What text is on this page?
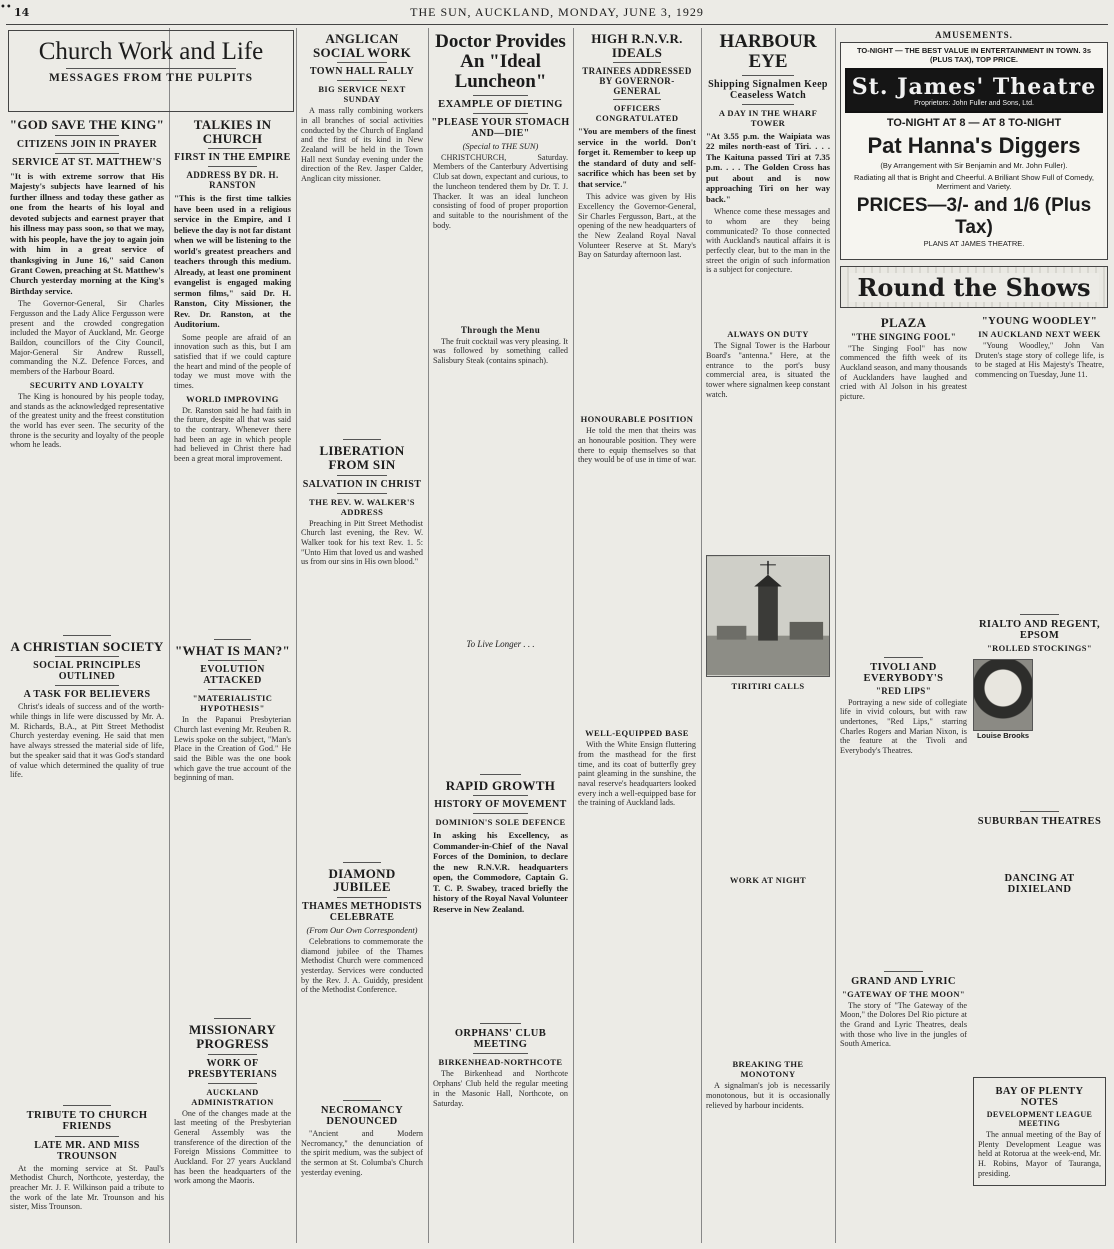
•• 14	THE SUN, AUCKLAND, MONDAY, JUNE 3, 1929
Church Work and Life
MESSAGES FROM THE PULPITS
"GOD SAVE THE KING"
CITIZENS JOIN IN PRAYER
SERVICE AT ST. MATTHEW'S
"It is with extreme sorrow that His Majesty's subjects have learned of his further illness and today these gather as one from the hearts of his loyal and devoted subjects and earnest prayer that his illness may pass soon, so that we may, with his people, have the joy to again join with him in a great service of thanksgiving in June 16," said Canon Grant Cowen, preaching at St. Matthew's Church yesterday morning at the King's Birthday service.

The Governor-General, Sir Charles Fergusson and the Lady Alice Fergusson were present and the crowded congregation included the Mayor of Auckland, Mr. George Baildon, councillors of the City Council, Major-General Sir Andrew Russell, commanding the N.Z. Defence Forces, and members of the Harbour Board.

SECURITY AND LOYALTY

The King is honoured by his people today, and stands as the acknowledged representative of the greatest unity and the freest constitution the world has ever seen. The security of the throne is the security and loyalty of the people whom he leads.

A CHRISTIAN SOCIETY
SOCIAL PRINCIPLES OUTLINED
A TASK FOR BELIEVERS

Christ's ideals of success and of the worth-while things in life were discussed by Mr. A. M. Richards, B.A., at Pitt Street Methodist Church yesterday evening. He said that men have always stressed the material side of life, but the speaker said that it was God's standard of value which determined the quality of true life.

TRIBUTE TO CHURCH FRIENDS
LATE MR. AND MISS TROUNSON

At the morning service at St. Paul's Methodist Church, Northcote, yesterday, the preacher Mr. J. F. Wilkinson paid a tribute to the work of the late Mr. Trounson and his sister, Miss Trounson.

TALKIES IN CHURCH
FIRST IN THE EMPIRE
ADDRESS BY DR. H. RANSTON
"This is the first time talkies have been used in a religious service in the Empire, and I believe the day is not far distant when we will be listening to the world's greatest preachers and teachers through this medium. Already, at least one prominent evangelist is engaged making sermon films," said Dr. H. Ranston, City Missioner, the Rev. Dr. Ranston, at the Auditorium.

Some people are afraid of an innovation such as this, but I am satisfied that if we could capture the heart and mind of the people of today we must move with the times.

WORLD IMPROVING

Dr. Ranston said he had faith in the future, despite all that was said to the contrary. Whenever there had been an age in which people had believed in Christ there had been a great moral improvement.

"WHAT IS MAN?"
EVOLUTION ATTACKED
"MATERIALISTIC HYPOTHESIS"

In the Papanui Presbyterian Church last evening Mr. Reuben R. Lewis spoke on the subject, "Man's Place in the Creation of God." He said the Bible was the one book which gave the true account of the beginning of man.

MISSIONARY PROGRESS
WORK OF PRESBYTERIANS
AUCKLAND ADMINISTRATION

One of the changes made at the last meeting of the Presbyterian General Assembly was the transference of the direction of the Foreign Missions Committee to Auckland. For 27 years Auckland has been the headquarters of the work among the Maoris.

ANGLICAN SOCIAL WORK
TOWN HALL RALLY
BIG SERVICE NEXT SUNDAY

A mass rally combining workers in all branches of social activities conducted by the Church of England and the first of its kind in New Zealand will be held in the Town Hall next Sunday evening under the direction of the Rev. Jasper Calder, Anglican city missioner.

LIBERATION FROM SIN
SALVATION IN CHRIST
THE REV. W. WALKER'S ADDRESS

Preaching in Pitt Street Methodist Church last evening, the Rev. W. Walker took for his text Rev. 1. 5: "Unto Him that loved us and washed us from our sins in His own blood."

DIAMOND JUBILEE
THAMES METHODISTS CELEBRATE
(From Our Own Correspondent)

Celebrations to commemorate the diamond jubilee of the Thames Methodist Church were commenced yesterday. Services were conducted by the Rev. J. A. Guiddy, president of the Methodist Conference.

NECROMANCY DENOUNCED

"Ancient and Modern Necromancy," the denunciation of the spirit medium, was the subject of the sermon at St. Columba's Church yesterday evening.

Doctor Provides An "Ideal Luncheon"
EXAMPLE OF DIETING
"PLEASE YOUR STOMACH AND—DIE"
(Special to THE SUN)

CHRISTCHURCH, Saturday. Members of the Canterbury Advertising Club sat down, expectant and curious, to the luncheon tendered them by Dr. T. J. Thacker. It was an ideal luncheon consisting of food of proper proportion and suitable to the nourishment of the body.

Through the Menu

The fruit cocktail was very pleasing. It was followed by something called Salisbury Steak (contains spinach).

To Live Longer . . .
RAPID GROWTH
HISTORY OF MOVEMENT
DOMINION'S SOLE DEFENCE
In asking his Excellency, as Commander-in-Chief of the Naval Forces of the Dominion, to declare the new R.N.V.R. headquarters open, the Commodore, Captain G. T. C. P. Swabey, traced briefly the history of the Royal Naval Volunteer Reserve in New Zealand.
ORPHANS' CLUB MEETING
BIRKENHEAD-NORTHCOTE

The Birkenhead and Northcote Orphans' Club held the regular meeting in the Masonic Hall, Northcote, on Saturday.

HIGH R.N.V.R. IDEALS
TRAINEES ADDRESSED BY GOVERNOR-GENERAL
OFFICERS CONGRATULATED
"You are members of the finest service in the world. Don't forget it. Remember to keep up the standard of duty and self-sacrifice which has been set by that service."

This advice was given by His Excellency the Governor-General, Sir Charles Fergusson, Bart., at the opening of the new headquarters of the New Zealand Royal Naval Volunteer Reserve at St. Mary's Bay on Saturday afternoon last.

HONOURABLE POSITION

He told the men that theirs was an honourable position. They were there to equip themselves so that they would be of use in time of war.

WELL-EQUIPPED BASE

With the White Ensign fluttering from the masthead for the first time, and its coat of butterfly grey paint gleaming in the sunshine, the naval reserve's headquarters looked every inch a well-equipped base for the training of Auckland lads.

HARBOUR EYE
Shipping Signalmen Keep Ceaseless Watch
A DAY IN THE WHARF TOWER
"At 3.55 p.m. the Waipiata was 22 miles north-east of Tiri. . . . The Kaituna passed Tiri at 7.35 p.m. . . . The Golden Cross has put about and is now approaching Tiri on her way back."

Whence come these messages and to whom are they being communicated? To those connected with Auckland's nautical affairs it is perfectly clear, but to the man in the street the origin of such information is a subject for conjecture.

ALWAYS ON DUTY

The Signal Tower is the Harbour Board's "antenna." Here, at the entrance to the port's busy commercial area, is situated the tower where signalmen keep constant watch.

TIRITIRI CALLS
WORK AT NIGHT
BREAKING THE MONOTONY

A signalman's job is necessarily monotonous, but it is occasionally relieved by harbour incidents.

AMUSEMENTS.
TO-NIGHT — THE BEST VALUE IN ENTERTAINMENT IN TOWN. 3s (PLUS TAX), TOP PRICE.
St. James' Theatre
Proprietors: John Fuller and Sons, Ltd.
TO-NIGHT AT 8 — AT 8 TO-NIGHT
Pat Hanna's Diggers
(By Arrangement with Sir Benjamin and Mr. John Fuller).
Radiating all that is Bright and Cheerful. A Brilliant Show Full of Comedy, Merriment and Variety.
PRICES—3/- and 1/6 (Plus Tax)
PLANS AT JAMES THEATRE.
Round the Shows
PLAZA
"THE SINGING FOOL"

"The Singing Fool" has now commenced the fifth week of its Auckland season, and many thousands of Aucklanders have laughed and cried with Al Jolson in his greatest picture.

TIVOLI AND EVERYBODY'S
"RED LIPS"

Portraying a new side of collegiate life in vivid colours, but with raw undertones, "Red Lips," starring Charles Rogers and Marian Nixon, is the feature at the Tivoli and Everybody's Theatres.

GRAND AND LYRIC
"GATEWAY OF THE MOON"

The story of "The Gateway of the Moon," the Dolores Del Rio picture at the Grand and Lyric Theatres, deals with those who live in the jungles of South America.

"YOUNG WOODLEY"
IN AUCKLAND NEXT WEEK

"Young Woodley," John Van Druten's stage story of college life, is to be staged at His Majesty's Theatre, commencing on Tuesday, June 11.

RIALTO AND REGENT, EPSOM
"ROLLED STOCKINGS"
Louise Brooks
SUBURBAN THEATRES
DANCING AT DIXIELAND
BAY OF PLENTY NOTES
DEVELOPMENT LEAGUE MEETING

The annual meeting of the Bay of Plenty Development League was held at Rotorua at the week-end, Mr. H. Robins, Mayor of Tauranga, presiding.
